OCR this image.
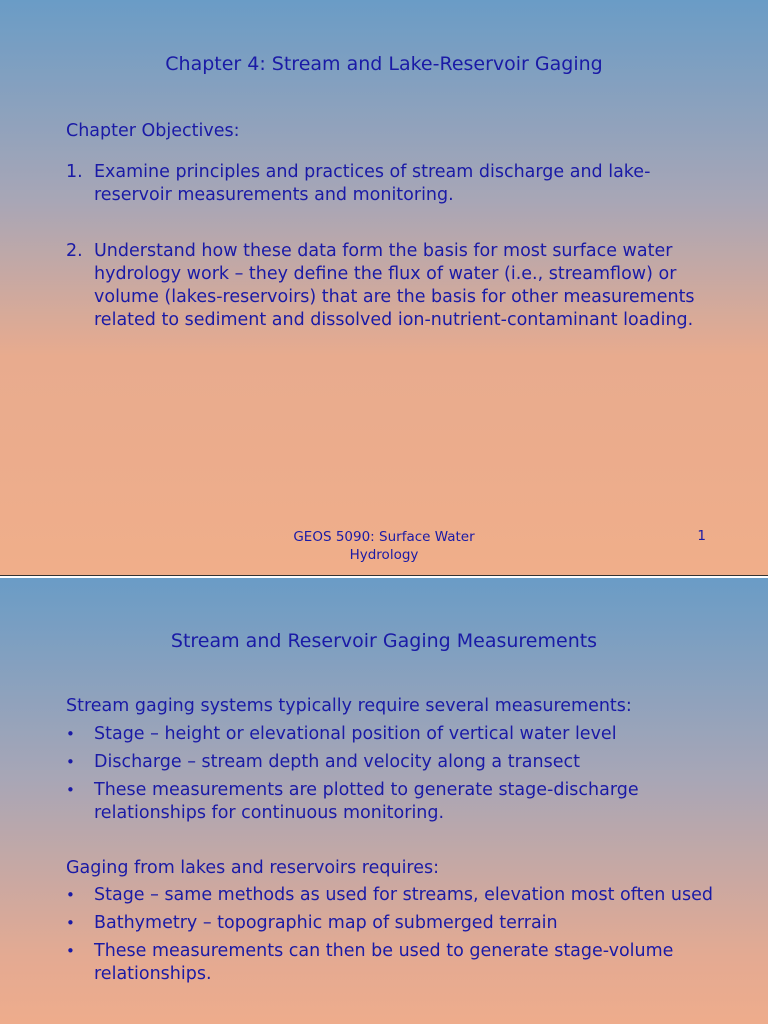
Chapter 4: Stream and Lake-Reservoir Gaging
Chapter Objectives:
1. Examine principles and practices of stream discharge and lake-reservoir measurements and monitoring.
2. Understand how these data form the basis for most surface water hydrology work – they define the flux of water (i.e., streamflow) or volume (lakes-reservoirs) that are the basis for other measurements related to sediment and dissolved ion-nutrient-contaminant loading.
GEOS 5090: Surface Water Hydrology
1
Stream and Reservoir Gaging Measurements
Stream gaging systems typically require several measurements:
•	Stage – height or elevational position of vertical water level
•	Discharge – stream depth and velocity along a transect
•	These measurements are plotted to generate stage-discharge relationships for continuous monitoring.
Gaging from lakes and reservoirs requires:
•	Stage – same methods as used for streams, elevation most often used
•	Bathymetry – topographic map of submerged terrain
•	These measurements can then be used to generate stage-volume relationships.
